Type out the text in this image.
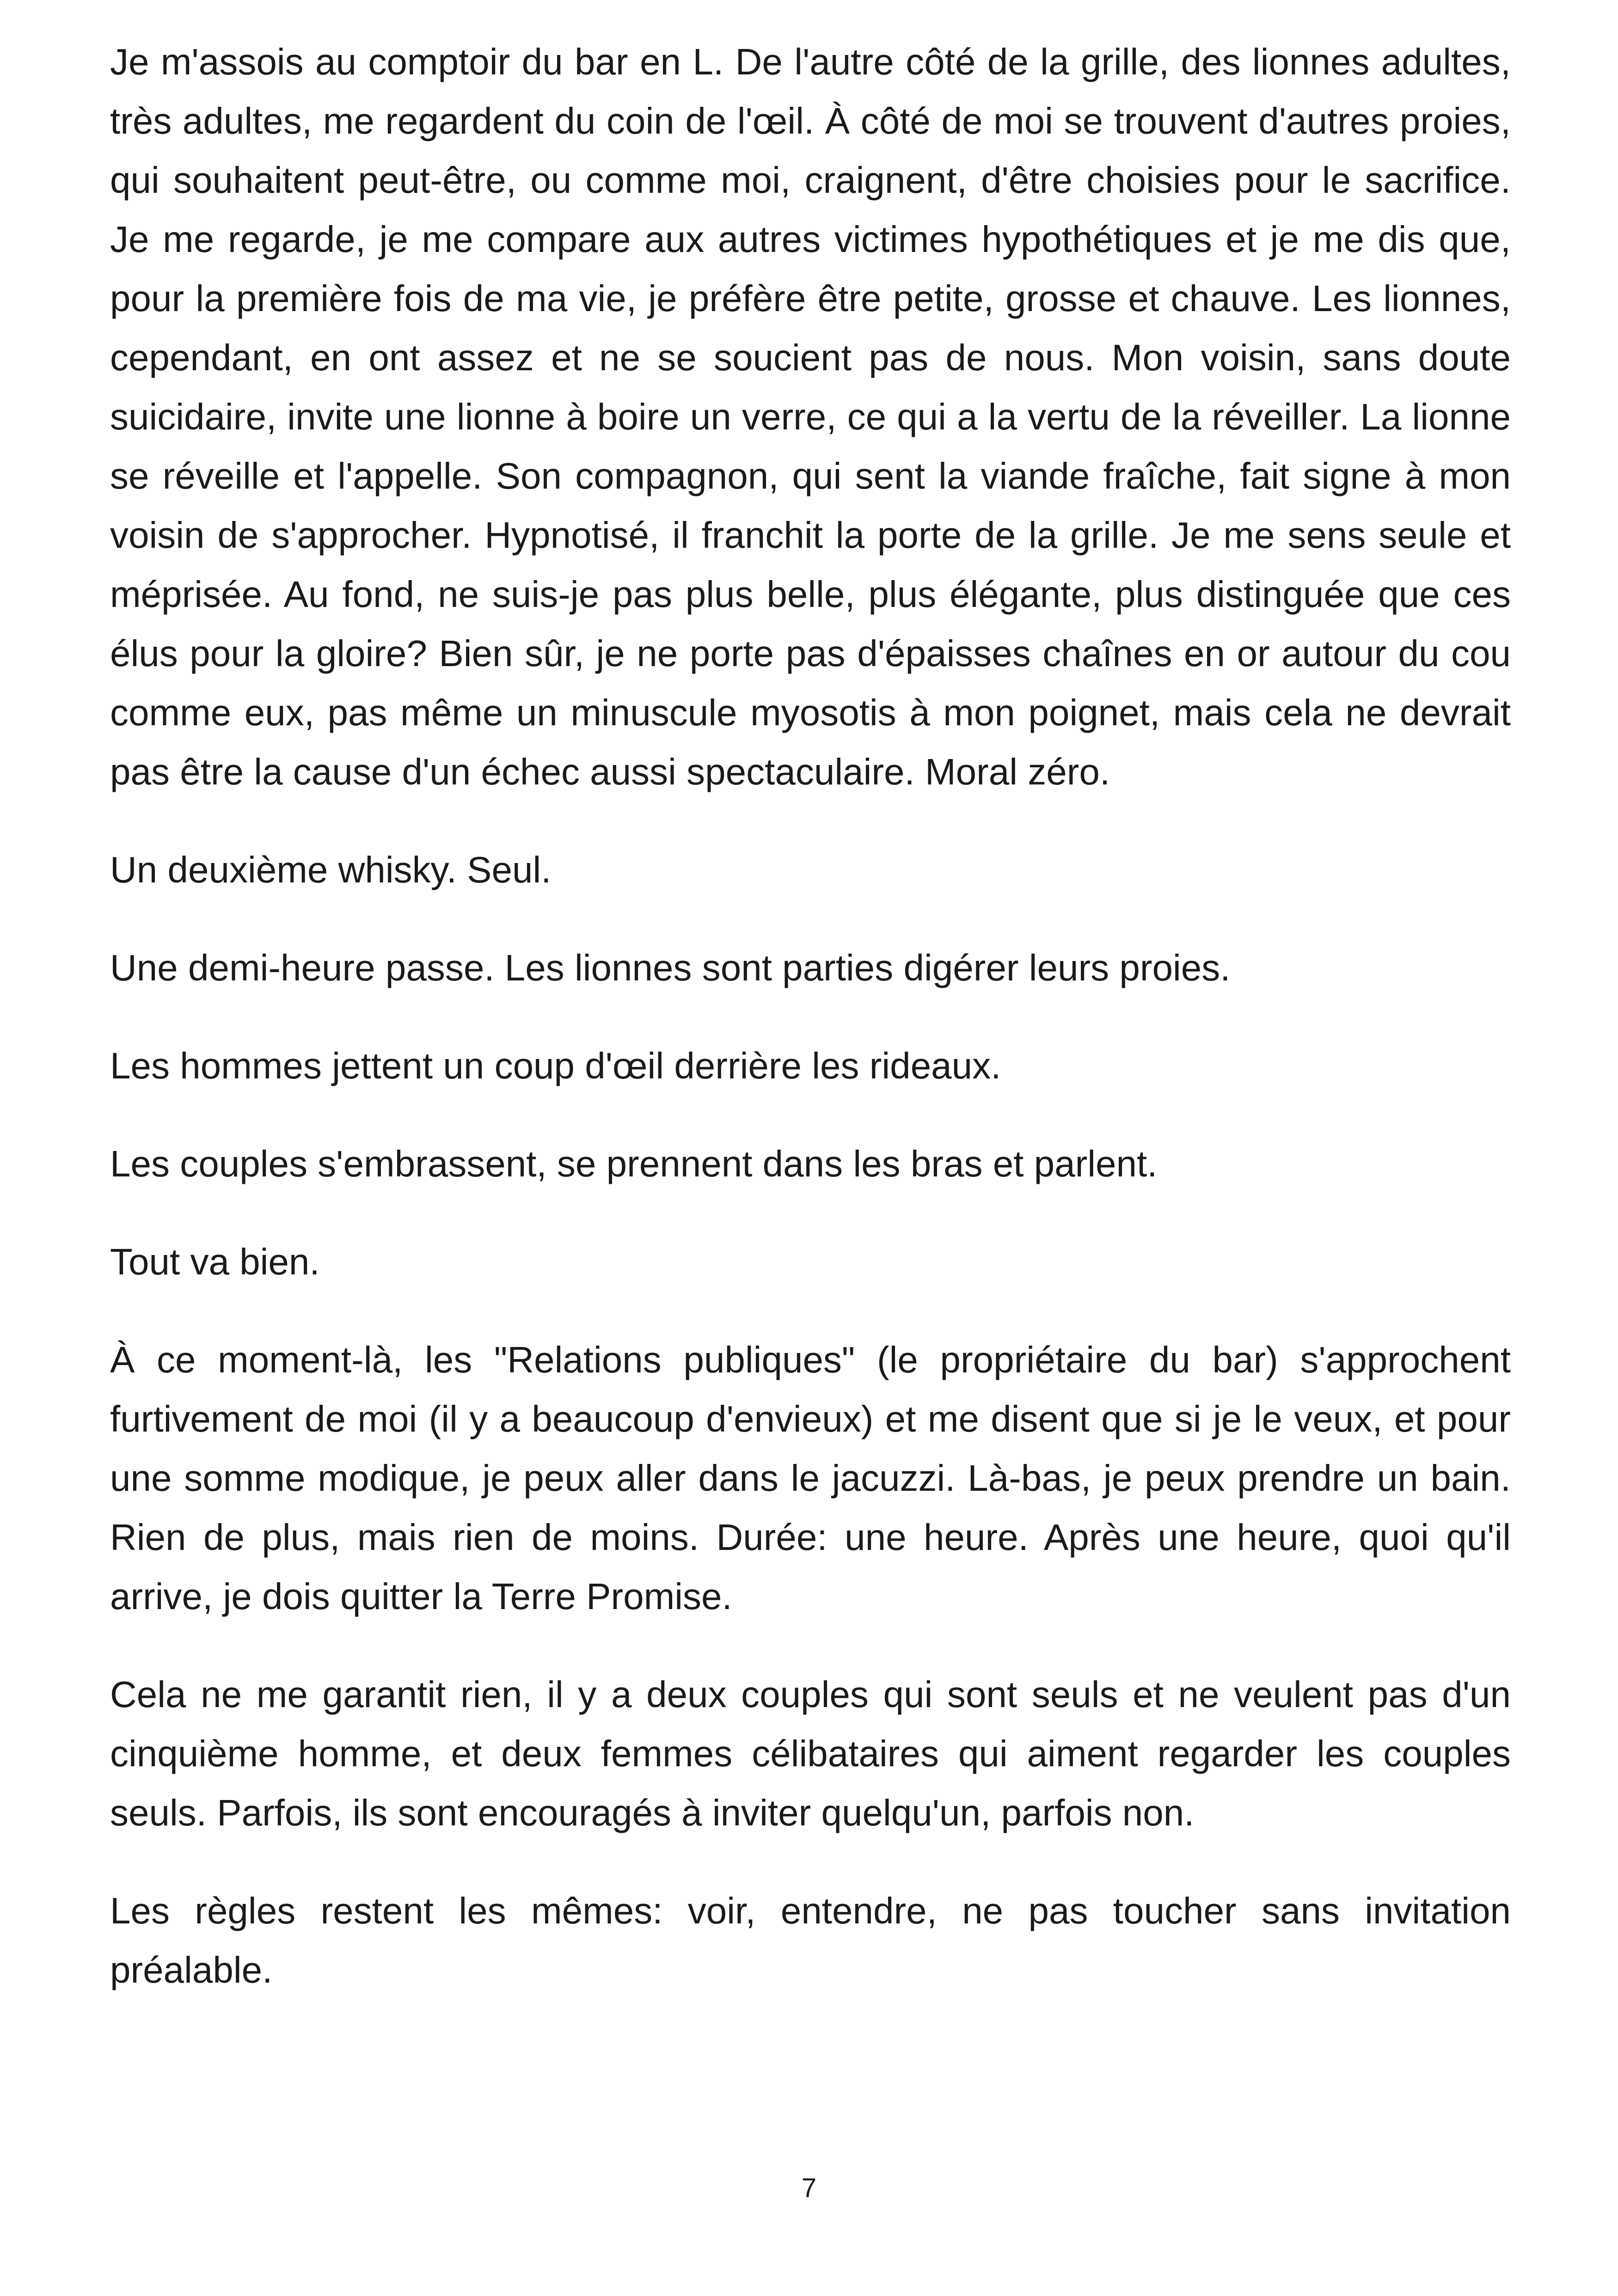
Je m'assois au comptoir du bar en L. De l'autre côté de la grille, des lionnes adultes, très adultes, me regardent du coin de l'œil. À côté de moi se trouvent d'autres proies, qui souhaitent peut-être, ou comme moi, craignent, d'être choisies pour le sacrifice. Je me regarde, je me compare aux autres victimes hypothétiques et je me dis que, pour la première fois de ma vie, je préfère être petite, grosse et chauve. Les lionnes, cependant, en ont assez et ne se soucient pas de nous. Mon voisin, sans doute suicidaire, invite une lionne à boire un verre, ce qui a la vertu de la réveiller. La lionne se réveille et l'appelle. Son compagnon, qui sent la viande fraîche, fait signe à mon voisin de s'approcher. Hypnotisé, il franchit la porte de la grille. Je me sens seule et méprisée. Au fond, ne suis-je pas plus belle, plus élégante, plus distinguée que ces élus pour la gloire? Bien sûr, je ne porte pas d'épaisses chaînes en or autour du cou comme eux, pas même un minuscule myosotis à mon poignet, mais cela ne devrait pas être la cause d'un échec aussi spectaculaire. Moral zéro.

Un deuxième whisky. Seul.

Une demi-heure passe. Les lionnes sont parties digérer leurs proies.

Les hommes jettent un coup d'œil derrière les rideaux.

Les couples s'embrassent, se prennent dans les bras et parlent.

Tout va bien.

À ce moment-là, les "Relations publiques" (le propriétaire du bar) s'approchent furtivement de moi (il y a beaucoup d'envieux) et me disent que si je le veux, et pour une somme modique, je peux aller dans le jacuzzi. Là-bas, je peux prendre un bain. Rien de plus, mais rien de moins. Durée: une heure. Après une heure, quoi qu'il arrive, je dois quitter la Terre Promise.

Cela ne me garantit rien, il y a deux couples qui sont seuls et ne veulent pas d'un cinquième homme, et deux femmes célibataires qui aiment regarder les couples seuls. Parfois, ils sont encouragés à inviter quelqu'un, parfois non.

Les règles restent les mêmes: voir, entendre, ne pas toucher sans invitation préalable.

7
